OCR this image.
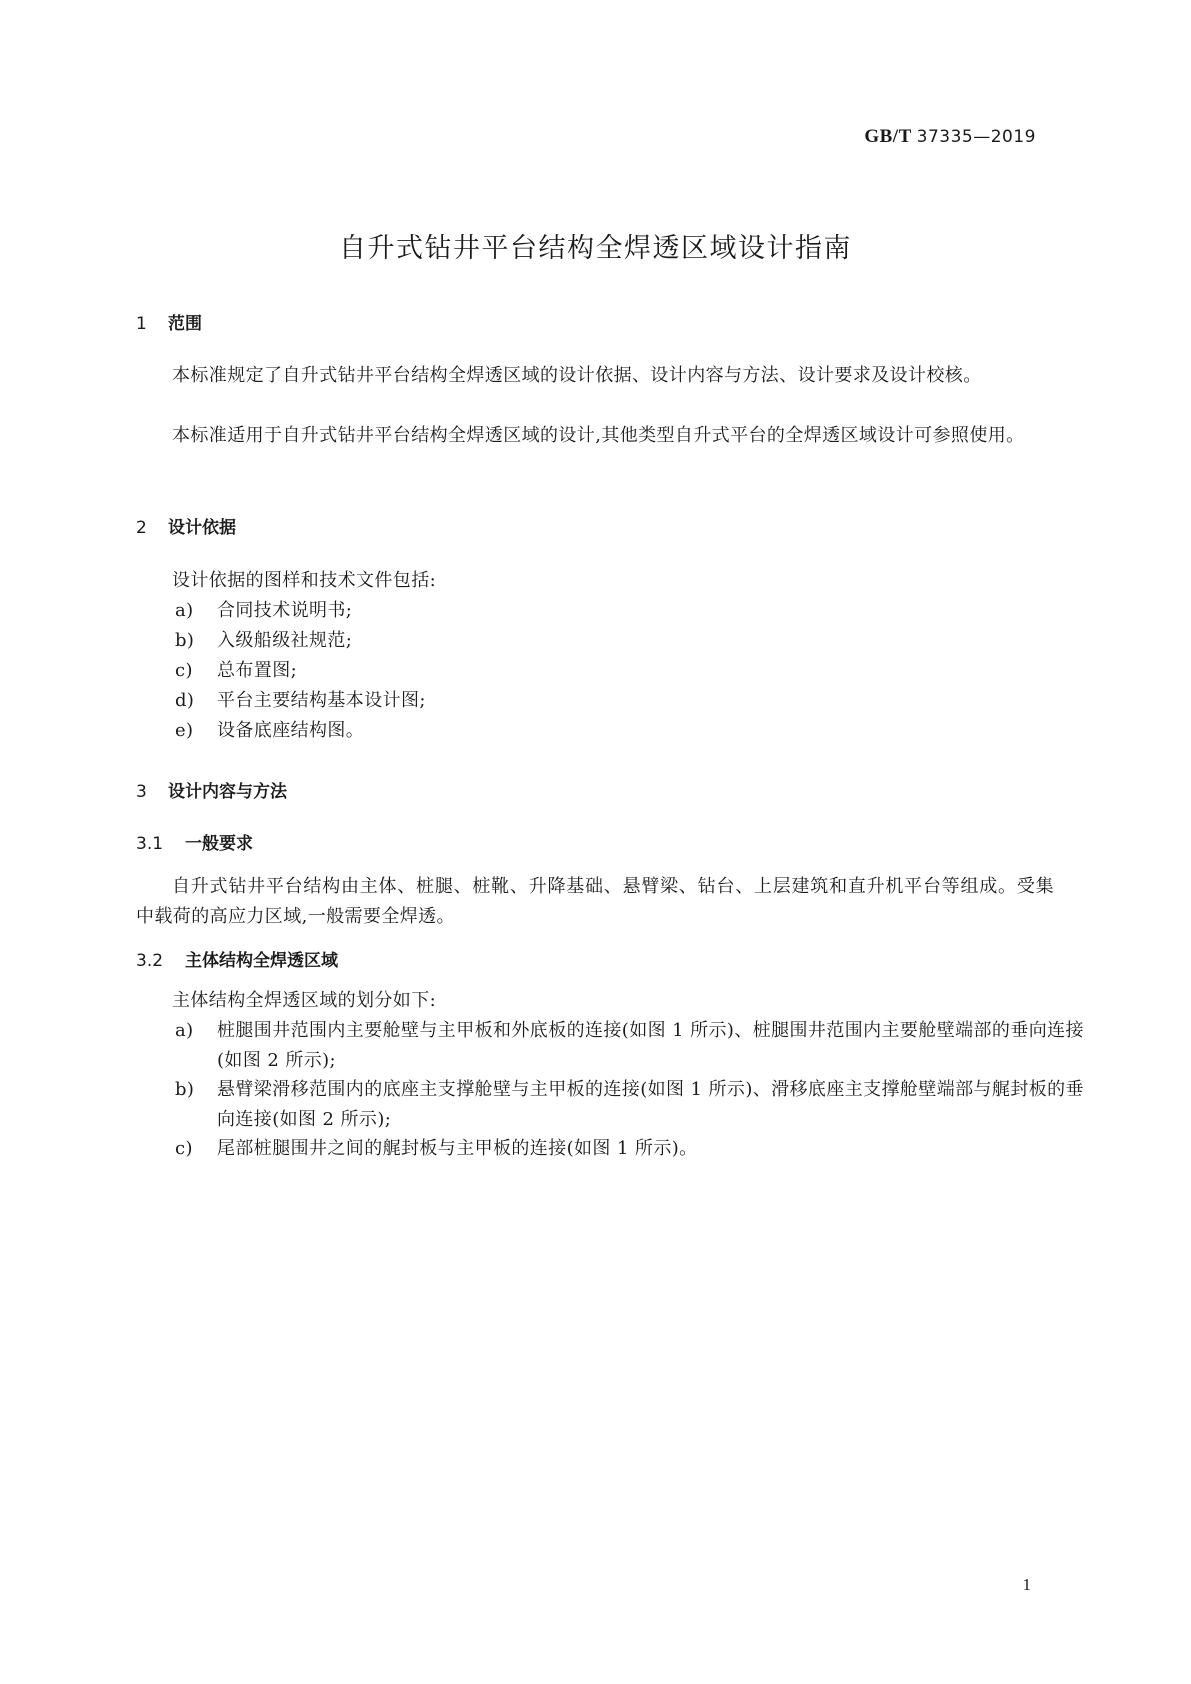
GB/T 37335—2019
自升式钻井平台结构全焊透区域设计指南
1 范围

本标准规定了自升式钻井平台结构全焊透区域的设计依据、设计内容与方法、设计要求及设计校核。

本标准适用于自升式钻井平台结构全焊透区域的设计,其他类型自升式平台的全焊透区域设计可参照使用。

2 设计依据

设计依据的图样和技术文件包括:

a) 合同技术说明书;

b) 入级船级社规范;

c) 总布置图;

d) 平台主要结构基本设计图;

e) 设备底座结构图。

3 设计内容与方法
3.1 一般要求

自升式钻井平台结构由主体、桩腿、桩靴、升降基础、悬臂梁、钻台、上层建筑和直升机平台等组成。受集中载荷的高应力区域,一般需要全焊透。

3.2 主体结构全焊透区域

主体结构全焊透区域的划分如下:

a) 桩腿围井范围内主要舱壁与主甲板和外底板的连接(如图 1 所示)、桩腿围井范围内主要舱壁端部的垂向连接(如图 2 所示);

b) 悬臂梁滑移范围内的底座主支撑舱壁与主甲板的连接(如图 1 所示)、滑移底座主支撑舱壁端部与艉封板的垂向连接(如图 2 所示);

c) 尾部桩腿围井之间的艉封板与主甲板的连接(如图 1 所示)。

1
